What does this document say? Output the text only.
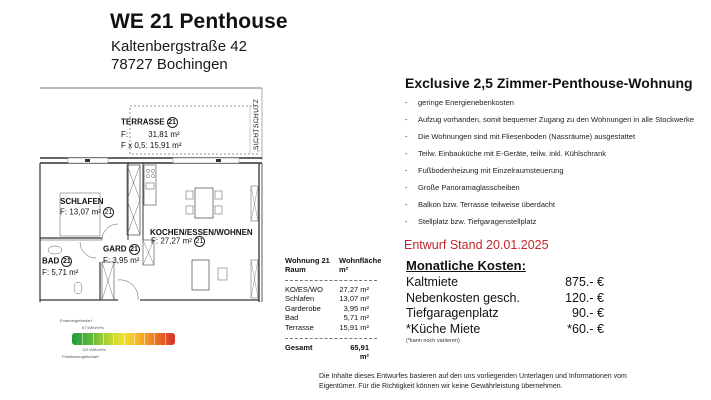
WE 21 Penthouse
Kaltenbergstraße 42
78727 Bochingen
TERRASSE 21
F:	31,81 m²
F x 0,5: 15,91 m²	SICHTSCHUTZ
SCHLAFEN
F: 13,07 m² 21
KOCHEN/ESSEN/WOHNEN
F: 27,27 m² 21
GARD 21
F: 3,95 m²
BAD 21
F: 5,71 m²
Endenergiebedarf
67 kWh/m²a
119 kWh/m²a
Primärenergiebedarf
Wohnung 21	Wohnfläche
Raum	m²
KO/ES/WO	27,27 m²
Schlafen	13,07 m²
Garderobe	3,95 m²
Bad	5,71 m²
Terrasse	15,91 m²
Gesamt	65,91 m²
Exclusive 2,5 Zimmer-Penthouse-Wohnung
-	geringe Energienebenkosten
-	Aufzug vorhanden, somit bequemer Zugang zu den Wohnungen in alle Stockwerke
-	Die Wohnungen sind mit Fliesenboden (Nassräume) ausgestattet
-	Teilw. Einbauküche mit E-Geräte, teilw. inkl. Kühlschrank
-	Fußbodenheizung mit Einzelraumsteuerung
-	Große Panoramaglasscheiben
-	Balkon bzw. Terrasse teilweise überdacht
-	Stellplatz bzw. Tiefgaragenstellplatz
Entwurf Stand 20.01.2025
Monatliche Kosten:
Kaltmiete	875.- €
Nebenkosten gesch.	120.- €
Tiefgaragenplatz	90.- €
*Küche Miete	*60.- €
(*kann noch variieren)
Die Inhalte dieses Entwurfes basieren auf den uns vorliegenden Unterlagen und Informationen vom
Eigentümer. Für die Richtigkeit können wir keine Gewährleistung übernehmen.
